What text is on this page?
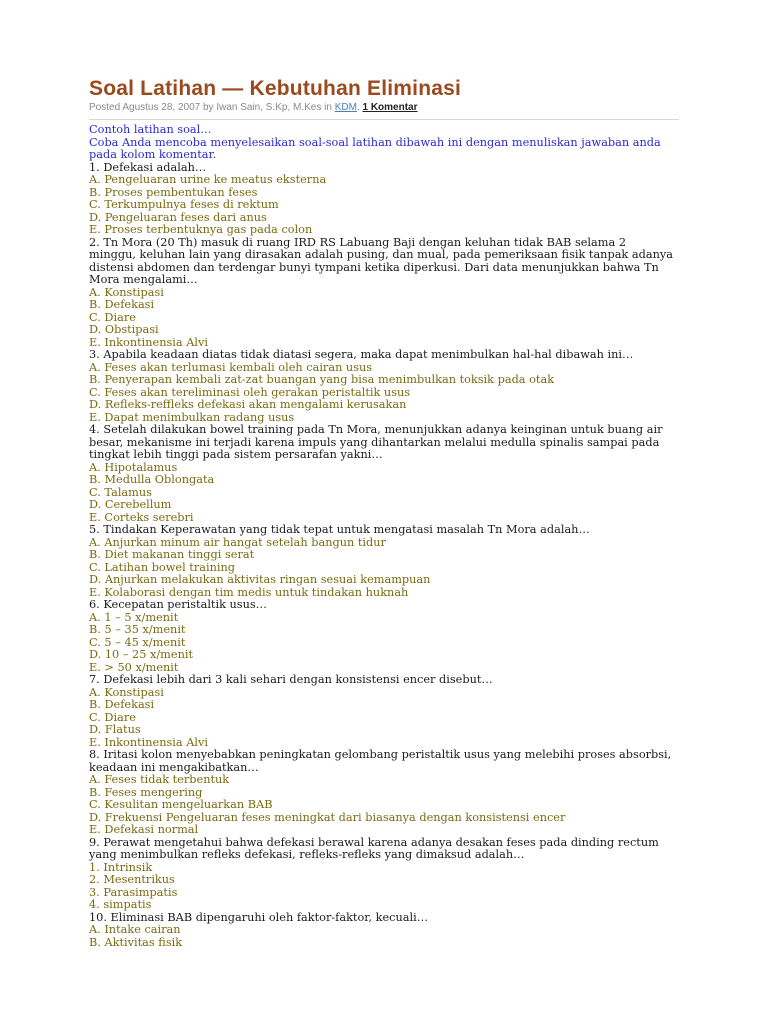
Soal Latihan — Kebutuhan Eliminasi
Posted Agustus 28, 2007 by Iwan Sain, S.Kp, M.Kes in KDM. 1 Komentar
Contoh latihan soal…
Coba Anda mencoba menyelesaikan soal-soal latihan dibawah ini dengan menuliskan jawaban anda pada kolom komentar.
1. Defekasi adalah…
A. Pengeluaran urine ke meatus eksterna
B. Proses pembentukan feses
C. Terkumpulnya feses di rektum
D. Pengeluaran feses dari anus
E. Proses terbentuknya gas pada colon
2. Tn Mora (20 Th) masuk di ruang IRD RS Labuang Baji dengan keluhan tidak BAB selama 2 minggu, keluhan lain yang dirasakan adalah pusing, dan mual, pada pemeriksaan fisik tanpak adanya distensi abdomen dan terdengar bunyi tympani ketika diperkusi. Dari data menunjukkan bahwa Tn Mora mengalami…
A. Konstipasi
B. Defekasi
C. Diare
D. Obstipasi
E. Inkontinensia Alvi
3. Apabila keadaan diatas tidak diatasi segera, maka dapat menimbulkan hal-hal dibawah ini…
A. Feses akan terlumasi kembali oleh cairan usus
B. Penyerapan kembali zat-zat buangan yang bisa menimbulkan toksik pada otak
C. Feses akan tereliminasi oleh gerakan peristaltik usus
D. Refleks-reffleks defekasi akan mengalami kerusakan
E. Dapat menimbulkan radang usus
4. Setelah dilakukan bowel training pada Tn Mora, menunjukkan adanya keinginan untuk buang air besar, mekanisme ini terjadi karena impuls yang dihantarkan melalui medulla spinalis sampai pada tingkat lebih tinggi pada sistem persarafan yakni…
A. Hipotalamus
B. Medulla Oblongata
C. Talamus
D. Cerebellum
E. Corteks serebri
5. Tindakan Keperawatan yang tidak tepat untuk mengatasi masalah Tn Mora adalah…
A. Anjurkan minum air hangat setelah bangun tidur
B. Diet makanan tinggi serat
C. Latihan bowel training
D. Anjurkan melakukan aktivitas ringan sesuai kemampuan
E. Kolaborasi dengan tim medis untuk tindakan huknah
6. Kecepatan peristaltik usus…
A. 1 – 5 x/menit
B. 5 – 35 x/menit
C. 5 – 45 x/menit
D. 10 – 25 x/menit
E. > 50 x/menit
7. Defekasi lebih dari 3 kali sehari dengan konsistensi encer disebut…
A. Konstipasi
B. Defekasi
C. Diare
D. Flatus
E. Inkontinensia Alvi
8. Iritasi kolon menyebabkan peningkatan gelombang peristaltik usus yang melebihi proses absorbsi, keadaan ini mengakibatkan…
A. Feses tidak terbentuk
B. Feses mengering
C. Kesulitan mengeluarkan BAB
D. Frekuensi Pengeluaran feses meningkat dari biasanya dengan konsistensi encer
E. Defekasi normal
9. Perawat mengetahui bahwa defekasi berawal karena adanya desakan feses pada dinding rectum yang menimbulkan refleks defekasi, refleks-refleks yang dimaksud adalah…
1. Intrinsik
2. Mesentrikus
3. Parasimpatis
4. simpatis
10. Eliminasi BAB dipengaruhi oleh faktor-faktor, kecuali…
A. Intake cairan
B. Aktivitas fisik
